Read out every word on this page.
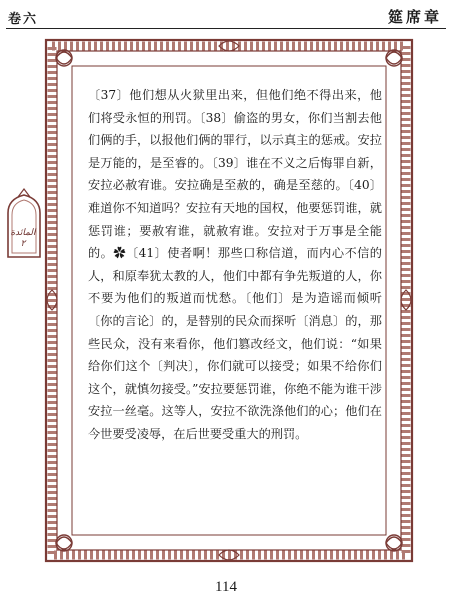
卷六	筵席章
المائدة
٢
〔37〕他们想从火狱里出来，但他们绝不得出来，他们将受永恒的刑罚。〔38〕偷盗的男女，你们当割去他们俩的手，以报他们俩的罪行，以示真主的惩戒。安拉是万能的，是至睿的。〔39〕谁在不义之后悔罪自新，安拉必赦宥谁。安拉确是至赦的，确是至慈的。〔40〕难道你不知道吗？安拉有天地的国权，他要惩罚谁，就惩罚谁；要赦宥谁，就赦宥谁。安拉对于万事是全能的。✿〔41〕使者啊！那些口称信道，而内心不信的人，和原奉犹太教的人，他们中都有争先叛道的人，你不要为他们的叛道而忧愁。〔他们〕是为造谣而倾听〔你的言论〕的，是替别的民众而探听〔消息〕的，那些民众，没有来看你，他们篡改经文，他们说：“如果给你们这个〔判决〕，你们就可以接受；如果不给你们这个，就慎勿接受。”安拉要惩罚谁，你绝不能为谁干涉安拉一丝毫。这等人，安拉不欲洗涤他们的心；他们在今世要受凌辱，在后世要受重大的刑罚。
114
